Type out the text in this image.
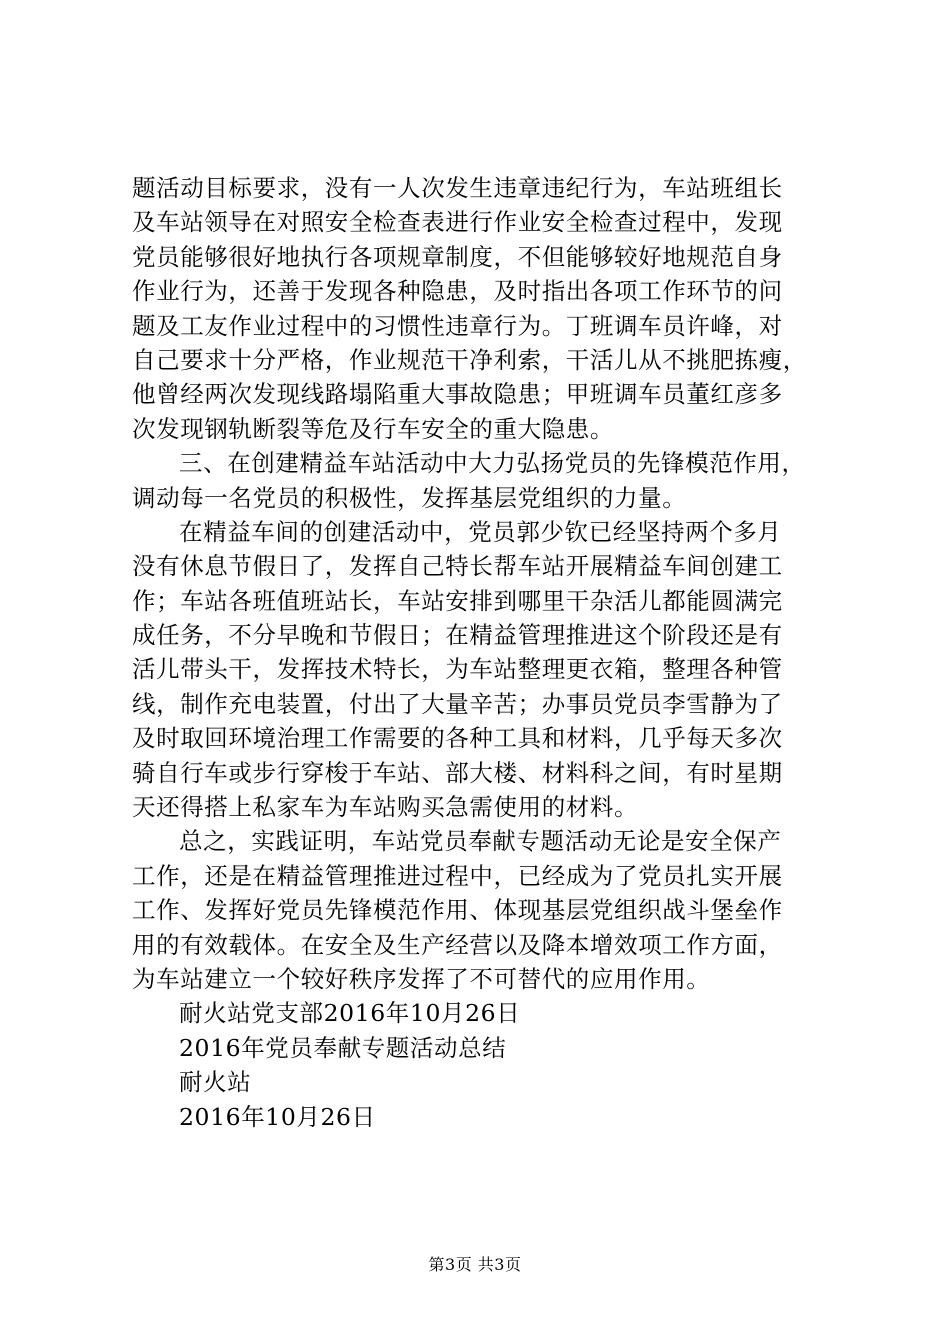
题活动目标要求，没有一人次发生违章违纪行为，车站班组长
及车站领导在对照安全检查表进行作业安全检查过程中，发现
党员能够很好地执行各项规章制度，不但能够较好地规范自身
作业行为，还善于发现各种隐患，及时指出各项工作环节的问
题及工友作业过程中的习惯性违章行为。丁班调车员许峰，对
自己要求十分严格，作业规范干净利索，干活儿从不挑肥拣瘦，
他曾经两次发现线路塌陷重大事故隐患；甲班调车员董红彦多
次发现钢轨断裂等危及行车安全的重大隐患。
三、在创建精益车站活动中大力弘扬党员的先锋模范作用，
调动每一名党员的积极性，发挥基层党组织的力量。
在精益车间的创建活动中，党员郭少钦已经坚持两个多月
没有休息节假日了，发挥自己特长帮车站开展精益车间创建工
作；车站各班值班站长，车站安排到哪里干杂活儿都能圆满完
成任务，不分早晚和节假日；在精益管理推进这个阶段还是有
活儿带头干，发挥技术特长，为车站整理更衣箱，整理各种管
线，制作充电装置，付出了大量辛苦；办事员党员李雪静为了
及时取回环境治理工作需要的各种工具和材料，几乎每天多次
骑自行车或步行穿梭于车站、部大楼、材料科之间，有时星期
天还得搭上私家车为车站购买急需使用的材料。
总之，实践证明，车站党员奉献专题活动无论是安全保产
工作，还是在精益管理推进过程中，已经成为了党员扎实开展
工作、发挥好党员先锋模范作用、体现基层党组织战斗堡垒作
用的有效载体。在安全及生产经营以及降本增效项工作方面，
为车站建立一个较好秩序发挥了不可替代的应用作用。
耐火站党支部2016年10月26日
2016年党员奉献专题活动总结
耐火站
2016年10月26日
第3页 共3页
